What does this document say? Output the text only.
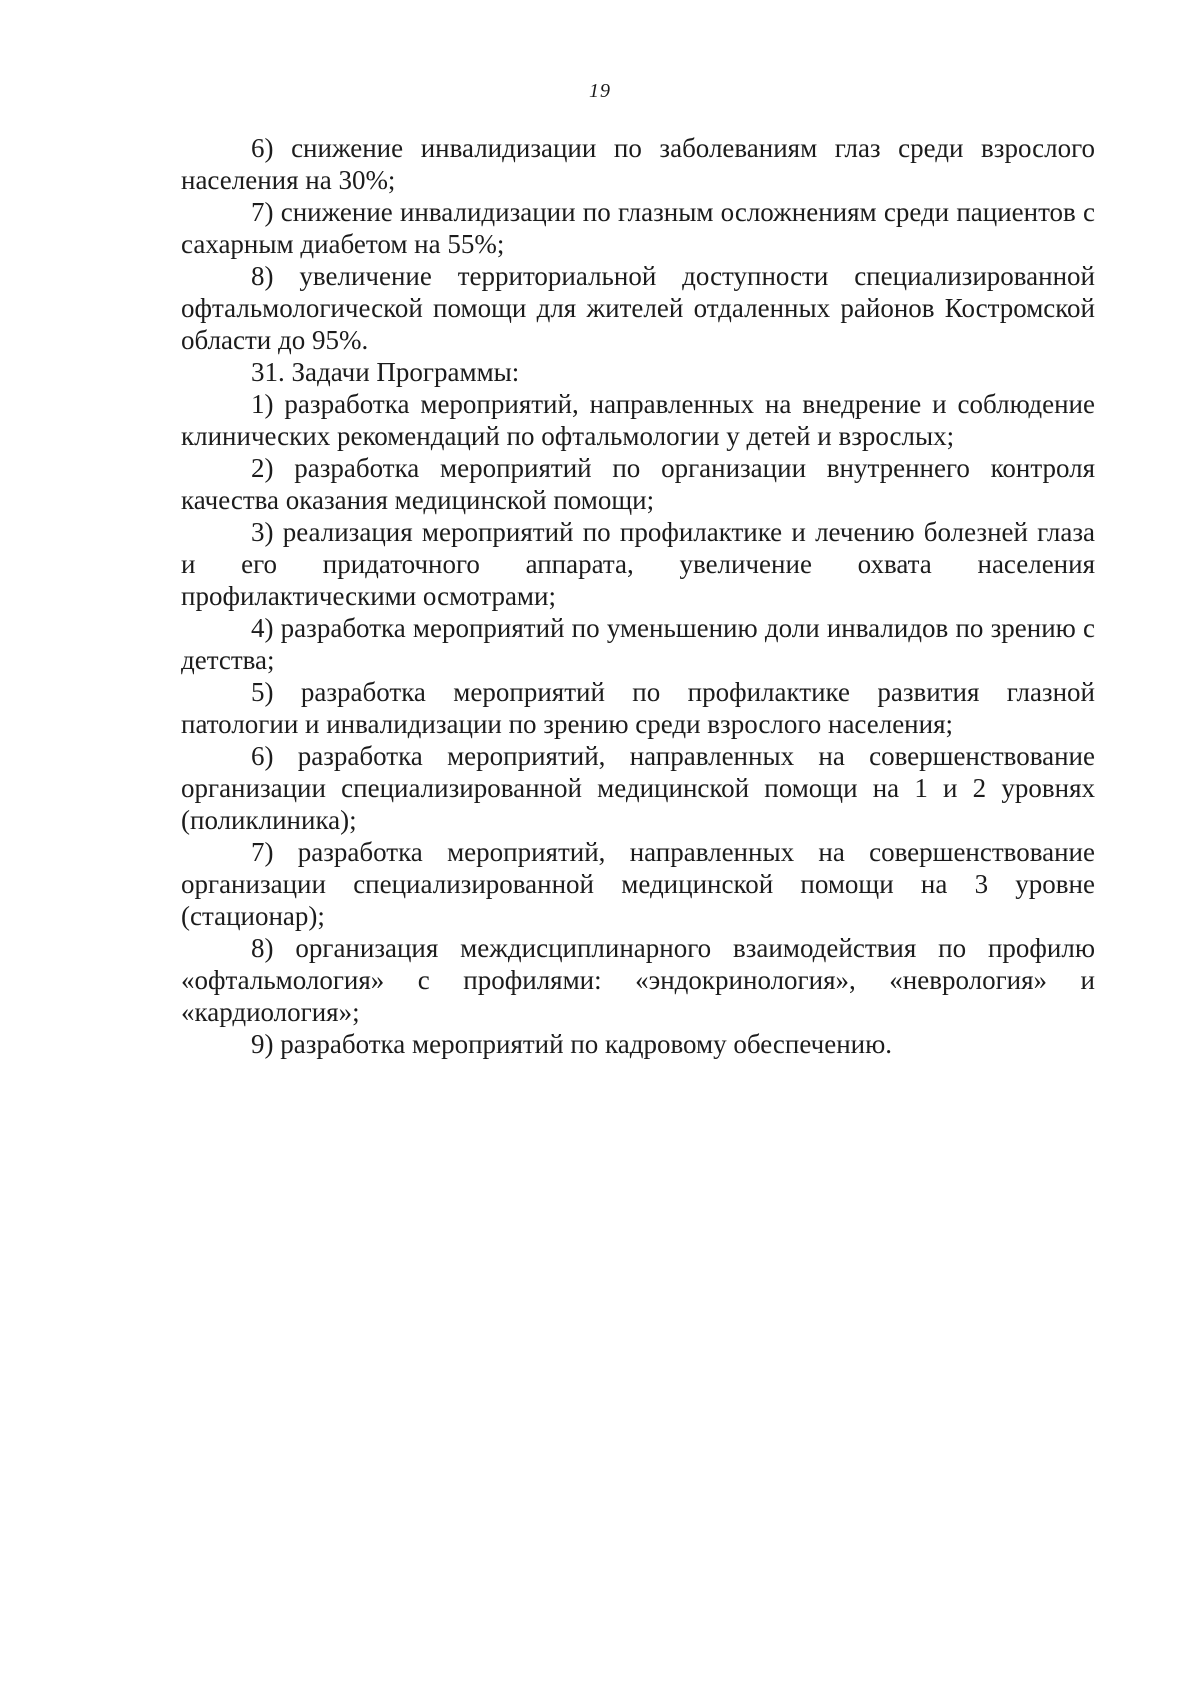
19

6) снижение инвалидизации по заболеваниям глаз среди взрослого населения на 30%;

7) снижение инвалидизации по глазным осложнениям среди пациентов с сахарным диабетом на 55%;

8) увеличение территориальной доступности специализированной офтальмологической помощи для жителей отдаленных районов Костромской области до 95%.

31. Задачи Программы:

1) разработка мероприятий, направленных на внедрение и соблюдение клинических рекомендаций по офтальмологии у детей и взрослых;

2) разработка мероприятий по организации внутреннего контроля качества оказания медицинской помощи;

3) реализация мероприятий по профилактике и лечению болезней глаза и его придаточного аппарата, увеличение охвата населения профилактическими осмотрами;

4) разработка мероприятий по уменьшению доли инвалидов по зрению с детства;

5) разработка мероприятий по профилактике развития глазной патологии и инвалидизации по зрению среди взрослого населения;

6) разработка мероприятий, направленных на совершенствование организации специализированной медицинской помощи на 1 и 2 уровнях (поликлиника);

7) разработка мероприятий, направленных на совершенствование организации специализированной медицинской помощи на 3 уровне (стационар);

8) организация междисциплинарного взаимодействия по профилю «офтальмология» с профилями: «эндокринология», «неврология» и «кардиология»;

9) разработка мероприятий по кадровому обеспечению.
